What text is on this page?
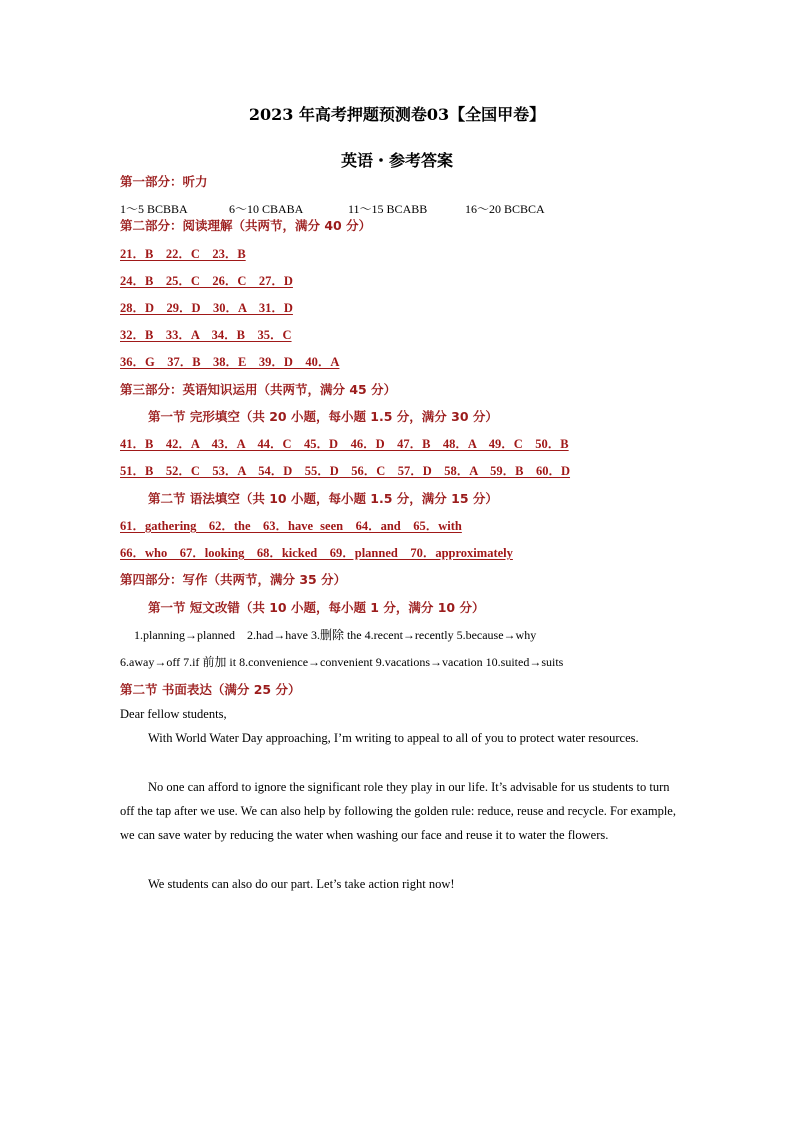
2023 年高考押题预测卷03【全国甲卷】
英语・参考答案
第一部分：听力
1～5 BCBBA	6～10 CBABA	11～15 BCABB	16～20 BCBCA
第二部分：阅读理解（共两节，满分 40 分）
21．B　22．C　23．B
24．B　25．C　26．C　27．D
28．D　29．D　30．A　31．D
32．B　33．A　34．B　35．C
36．G　37．B　38．E　39．D　40．A
第三部分：英语知识运用（共两节，满分 45 分）
第一节 完形填空（共 20 小题，每小题 1.5 分，满分 30 分）
41．B　42．A　43．A　44．C　45．D　46．D　47．B　48．A　49．C　50．B
51．B　52．C　53．A　54．D　55．D　56．C　57．D　58．A　59．B　60．D
第二节 语法填空（共 10 小题，每小题 1.5 分，满分 15 分）
61．gathering　62．the　63．have seen　64．and　65．with
66．who　67．looking　68．kicked　69．planned　70．approximately
第四部分：写作（共两节，满分 35 分）
第一节 短文改错（共 10 小题，每小题 1 分，满分 10 分）
1.planning→planned　2.had→have 3.删除 the 4.recent→recently 5.because→why
6.away→off 7.if 前加 it 8.convenience→convenient 9.vacations→vacation 10.suited→suits
第二节 书面表达（满分 25 分）
Dear fellow students,
With World Water Day approaching, I’m writing to appeal to all of you to protect water resources.
No one can afford to ignore the significant role they play in our life. It’s advisable for us students to turn off the tap after we use. We can also help by following the golden rule: reduce, reuse and recycle. For example, we can save water by reducing the water when washing our face and reuse it to water the flowers.
We students can also do our part. Let’s take action right now!
